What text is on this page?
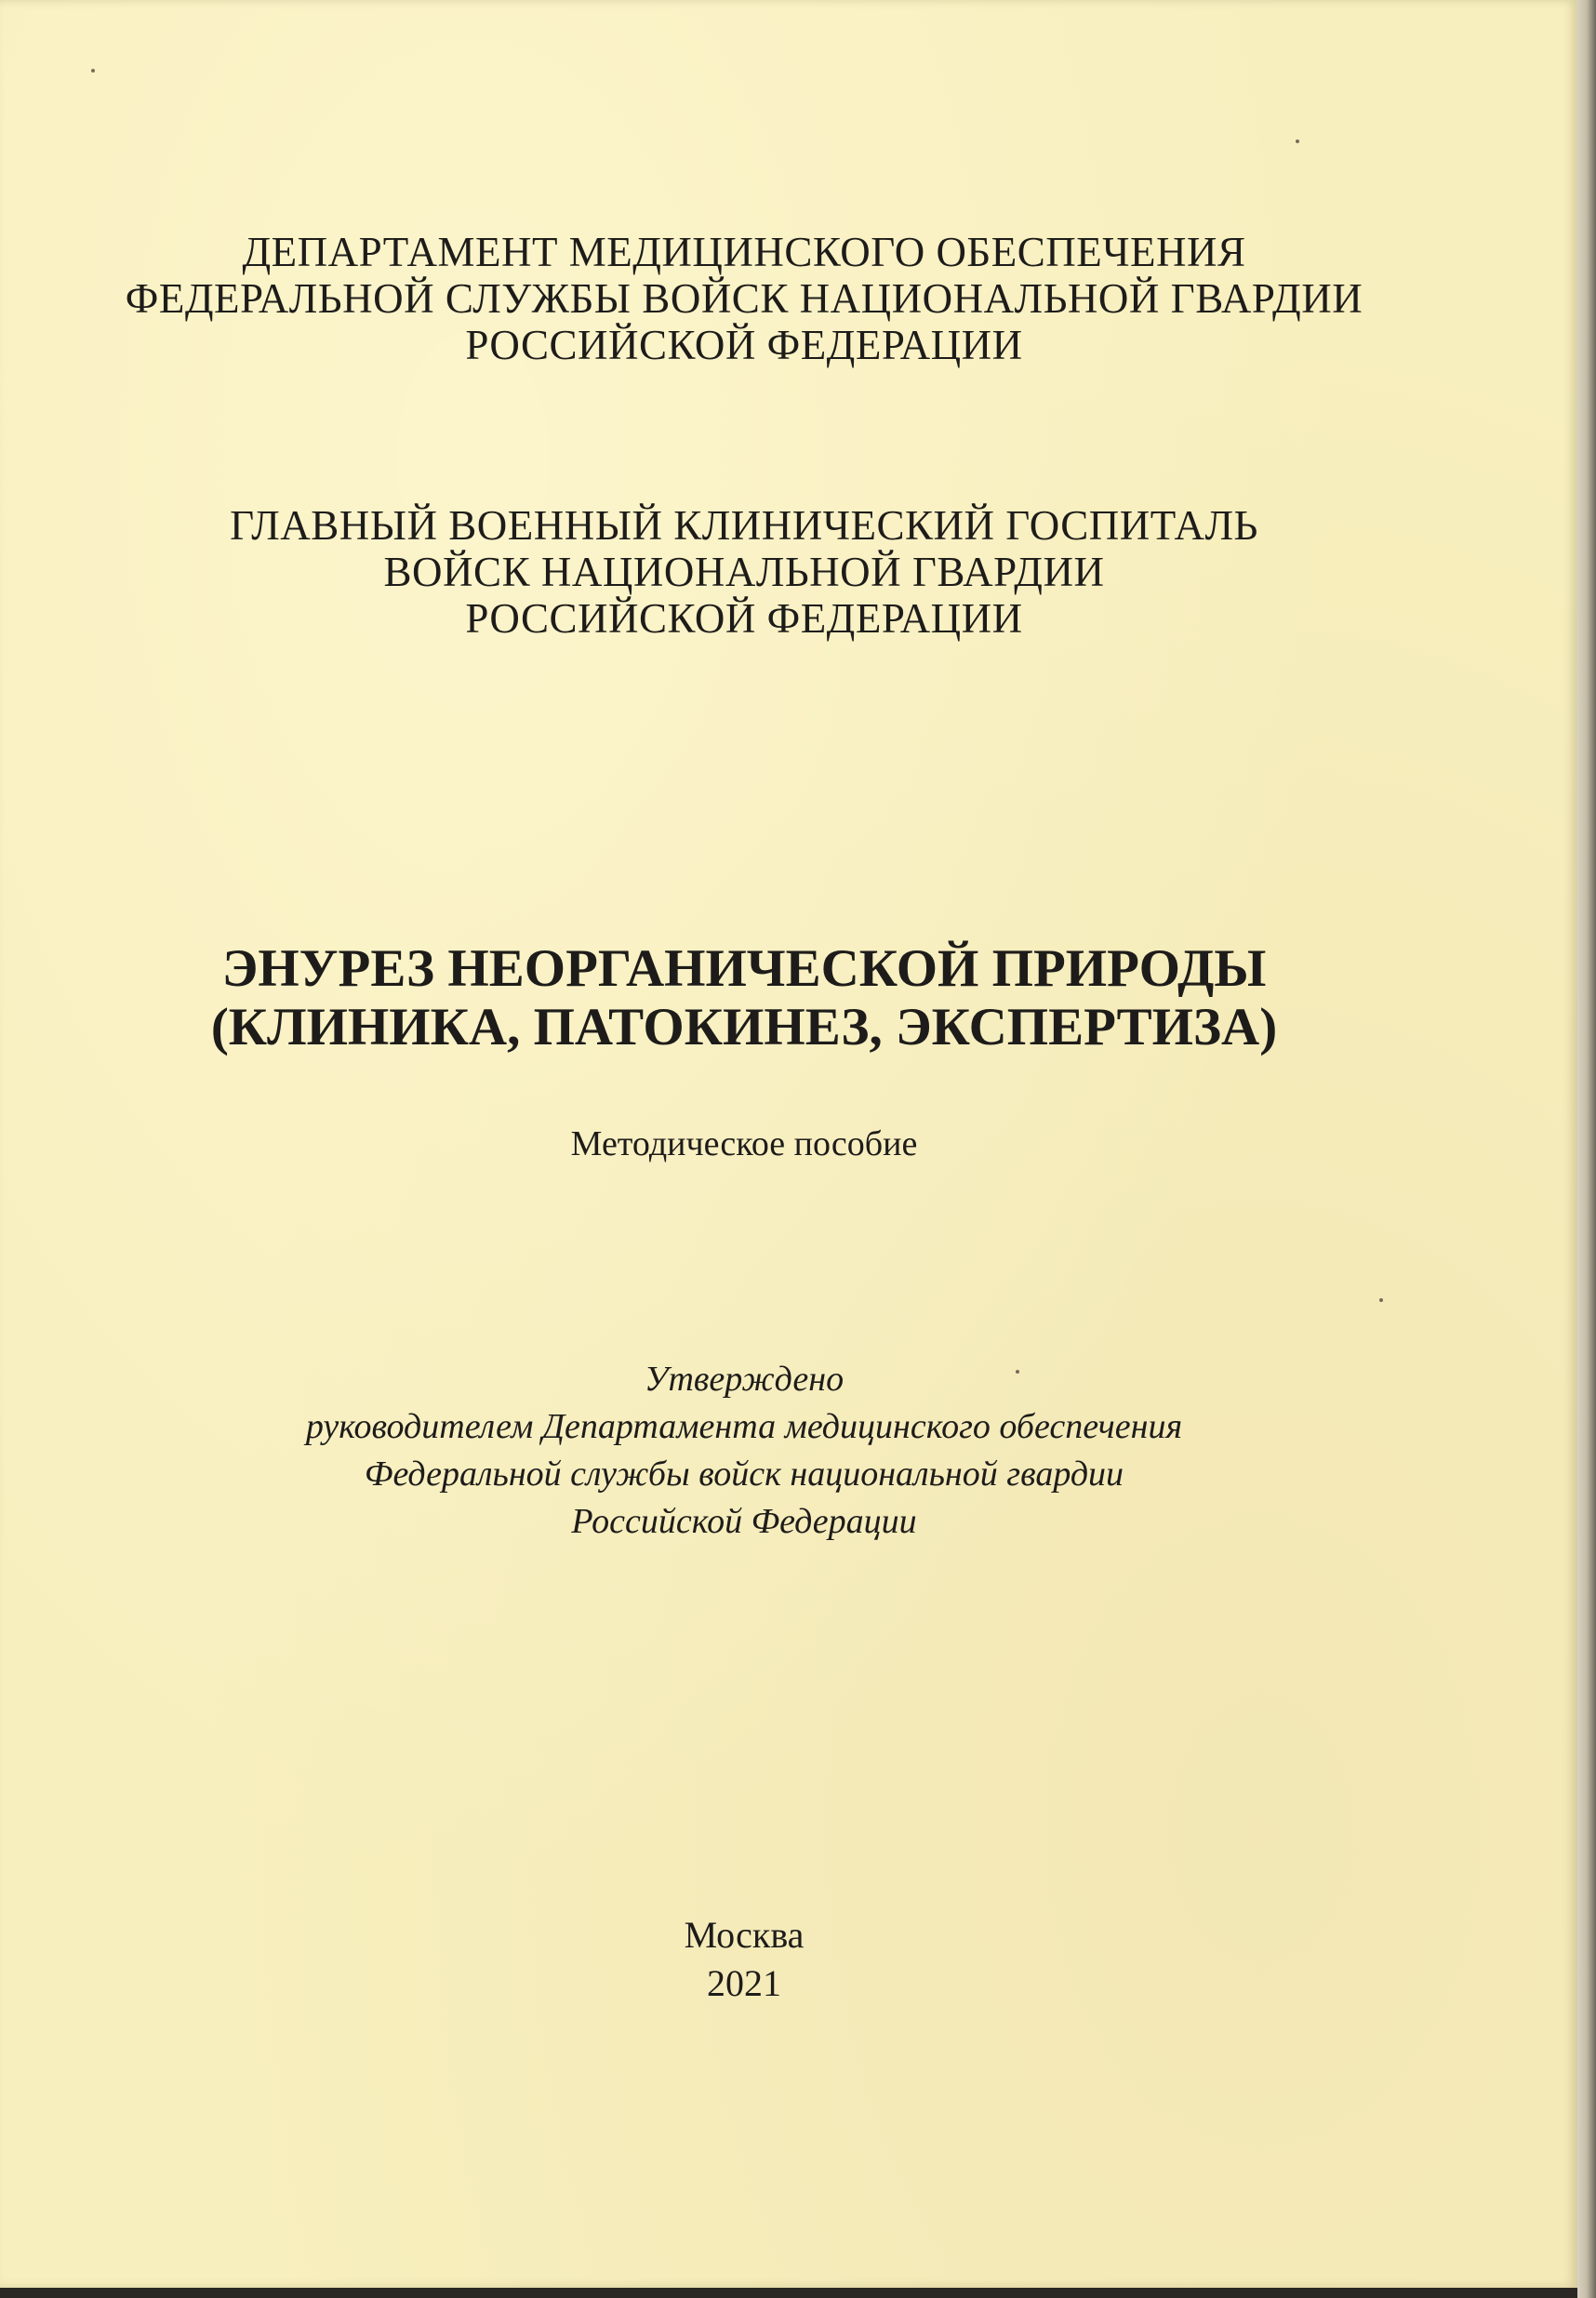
ДЕПАРТАМЕНТ МЕДИЦИНСКОГО ОБЕСПЕЧЕНИЯ
ФЕДЕРАЛЬНОЙ СЛУЖБЫ ВОЙСК НАЦИОНАЛЬНОЙ ГВАРДИИ
РОССИЙСКОЙ ФЕДЕРАЦИИ
ГЛАВНЫЙ ВОЕННЫЙ КЛИНИЧЕСКИЙ ГОСПИТАЛЬ
ВОЙСК НАЦИОНАЛЬНОЙ ГВАРДИИ
РОССИЙСКОЙ ФЕДЕРАЦИИ
ЭНУРЕЗ НЕОРГАНИЧЕСКОЙ ПРИРОДЫ
(КЛИНИКА, ПАТОКИНЕЗ, ЭКСПЕРТИЗА)
Методическое пособие
Утверждено
руководителем Департамента медицинского обеспечения
Федеральной службы войск национальной гвардии
Российской Федерации
Москва
2021
